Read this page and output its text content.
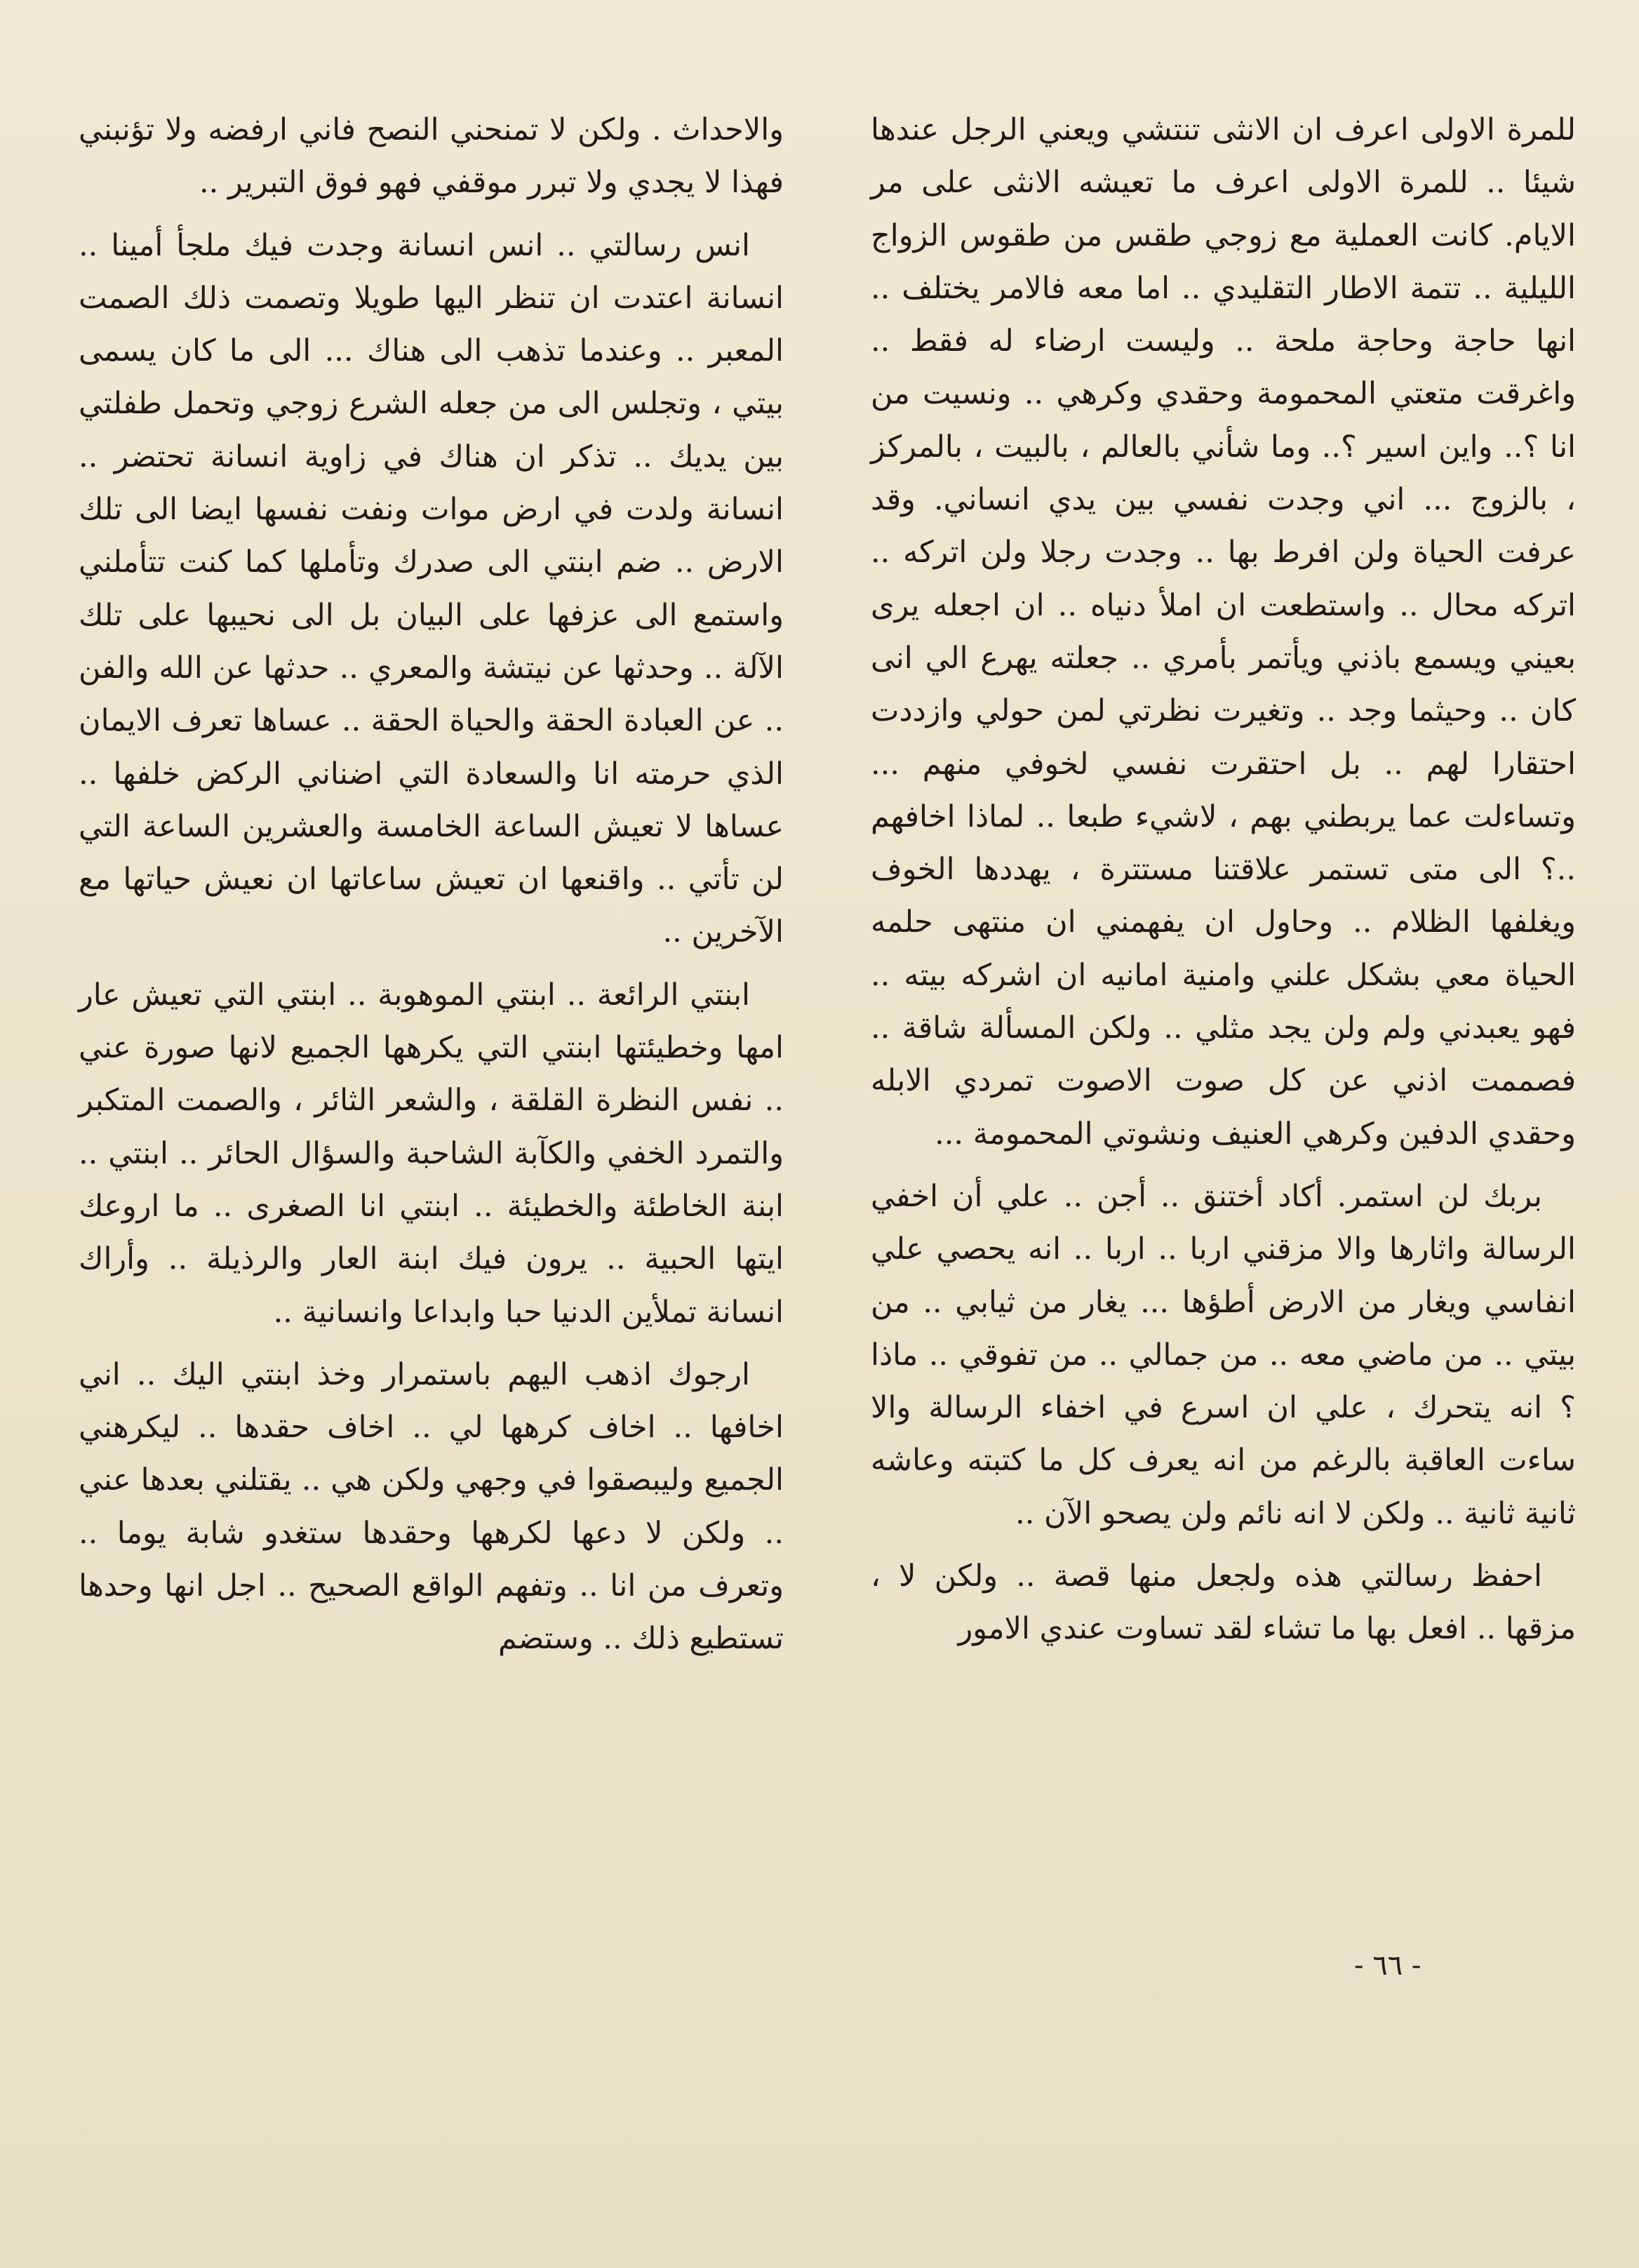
للمرة الاولى اعرف ان الانثى تنتشي ويعني الرجل عندها شيئا .. للمرة الاولى اعرف ما تعيشه الانثى على مر الايام. كانت العملية مع زوجي طقس من طقوس الزواج الليلية .. تتمة الاطار التقليدي .. اما معه فالامر يختلف .. انها حاجة وحاجة ملحة .. وليست ارضاء له فقط .. واغرقت متعتي المحمومة وحقدي وكرهي .. ونسيت من انا ؟.. واين اسير ؟.. وما شأني بالعالم ، بالبيت ، بالمركز ، بالزوج ... اني وجدت نفسي بين يدي انساني. وقد عرفت الحياة ولن افرط بها .. وجدت رجلا ولن اتركه .. اتركه محال .. واستطعت ان املأ دنياه .. ان اجعله يرى بعيني ويسمع باذني ويأتمر بأمري .. جعلته يهرع الي انى كان .. وحيثما وجد .. وتغيرت نظرتي لمن حولي وازددت احتقارا لهم .. بل احتقرت نفسي لخوفي منهم ... وتساءلت عما يربطني بهم ، لاشيء طبعا .. لماذا اخافهم ..؟ الى متى تستمر علاقتنا مستترة ، يهددها الخوف ويغلفها الظلام .. وحاول ان يفهمني ان منتهى حلمه الحياة معي بشكل علني وامنية امانيه ان اشركه بيته .. فهو يعبدني ولم ولن يجد مثلي .. ولكن المسألة شاقة .. فصممت اذني عن كل صوت الاصوت تمردي الابله وحقدي الدفين وكرهي العنيف ونشوتي المحمومة ...

بربك لن استمر. أكاد أختنق .. أجن .. علي أن اخفي الرسالة واثارها والا مزقني اربا .. اربا .. انه يحصي علي انفاسي ويغار من الارض أطؤها ... يغار من ثيابي .. من بيتي .. من ماضي معه .. من جمالي .. من تفوقي .. ماذا ؟ انه يتحرك ، علي ان اسرع في اخفاء الرسالة والا ساءت العاقبة بالرغم من انه يعرف كل ما كتبته وعاشه ثانية ثانية .. ولكن لا انه نائم ولن يصحو الآن ..

احفظ رسالتي هذه ولجعل منها قصة .. ولكن لا ، مزقها .. افعل بها ما تشاء لقد تساوت عندي الامور

والاحداث . ولكن لا تمنحني النصح فاني ارفضه ولا تؤنبني فهذا لا يجدي ولا تبرر موقفي فهو فوق التبرير ..

انس رسالتي .. انس انسانة وجدت فيك ملجأ أمينا .. انسانة اعتدت ان تنظر اليها طويلا وتصمت ذلك الصمت المعبر .. وعندما تذهب الى هناك ... الى ما كان يسمى بيتي ، وتجلس الى من جعله الشرع زوجي وتحمل طفلتي بين يديك .. تذكر ان هناك في زاوية انسانة تحتضر .. انسانة ولدت في ارض موات ونفت نفسها ايضا الى تلك الارض .. ضم ابنتي الى صدرك وتأملها كما كنت تتأملني واستمع الى عزفها على البيان بل الى نحيبها على تلك الآلة .. وحدثها عن نيتشة والمعري .. حدثها عن الله والفن .. عن العبادة الحقة والحياة الحقة .. عساها تعرف الايمان الذي حرمته انا والسعادة التي اضناني الركض خلفها .. عساها لا تعيش الساعة الخامسة والعشرين الساعة التي لن تأتي .. واقنعها ان تعيش ساعاتها ان نعيش حياتها مع الآخرين ..

ابنتي الرائعة .. ابنتي الموهوبة .. ابنتي التي تعيش عار امها وخطيئتها ابنتي التي يكرهها الجميع لانها صورة عني .. نفس النظرة القلقة ، والشعر الثائر ، والصمت المتكبر والتمرد الخفي والكآبة الشاحبة والسؤال الحائر .. ابنتي .. ابنة الخاطئة والخطيئة .. ابنتي انا الصغرى .. ما اروعك ايتها الحبية .. يرون فيك ابنة العار والرذيلة .. وأراك انسانة تملأين الدنيا حبا وابداعا وانسانية ..

ارجوك اذهب اليهم باستمرار وخذ ابنتي اليك .. اني اخافها .. اخاف كرهها لي .. اخاف حقدها .. ليكرهني الجميع وليبصقوا في وجهي ولكن هي .. يقتلني بعدها عني .. ولكن لا دعها لكرهها وحقدها ستغدو شابة يوما .. وتعرف من انا .. وتفهم الواقع الصحيح .. اجل انها وحدها تستطيع ذلك .. وستضم

- ٦٦ -
